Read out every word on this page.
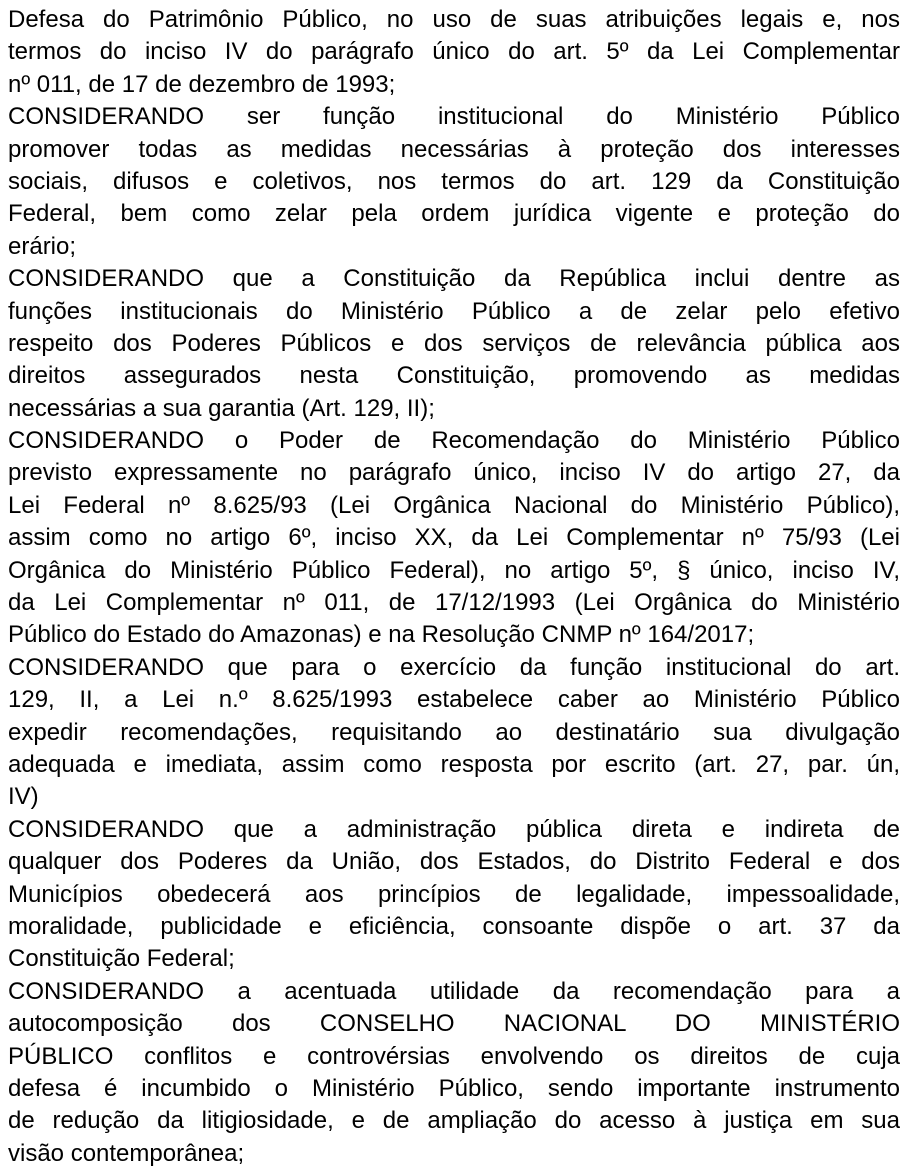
Defesa do Patrimônio Público, no uso de suas atribuições legais e, nos
termos do inciso IV do parágrafo único do art. 5º da Lei Complementar
nº 011, de 17 de dezembro de 1993;

CONSIDERANDO ser função institucional do Ministério Público
promover todas as medidas necessárias à proteção dos interesses
sociais, difusos e coletivos, nos termos do art. 129 da Constituição
Federal, bem como zelar pela ordem jurídica vigente e proteção do
erário;

CONSIDERANDO que a Constituição da República inclui dentre as
funções institucionais do Ministério Público a de zelar pelo efetivo
respeito dos Poderes Públicos e dos serviços de relevância pública aos
direitos assegurados nesta Constituição, promovendo as medidas
necessárias a sua garantia (Art. 129, II);

CONSIDERANDO o Poder de Recomendação do Ministério Público
previsto expressamente no parágrafo único, inciso IV do artigo 27, da
Lei Federal nº 8.625/93 (Lei Orgânica Nacional do Ministério Público),
assim como no artigo 6º, inciso XX, da Lei Complementar nº 75/93 (Lei
Orgânica do Ministério Público Federal), no artigo 5º, § único, inciso IV,
da Lei Complementar nº 011, de 17/12/1993 (Lei Orgânica do Ministério
Público do Estado do Amazonas) e na Resolução CNMP nº 164/2017;

CONSIDERANDO que para o exercício da função institucional do art.
129, II, a Lei n.º 8.625/1993 estabelece caber ao Ministério Público
expedir recomendações, requisitando ao destinatário sua divulgação
adequada e imediata, assim como resposta por escrito (art. 27, par. ún,
IV)

CONSIDERANDO que a administração pública direta e indireta de
qualquer dos Poderes da União, dos Estados, do Distrito Federal e dos
Municípios obedecerá aos princípios de legalidade, impessoalidade,
moralidade, publicidade e eficiência, consoante dispõe o art. 37 da
Constituição Federal;

CONSIDERANDO a acentuada utilidade da recomendação para a
autocomposição dos CONSELHO NACIONAL DO MINISTÉRIO
PÚBLICO conflitos e controvérsias envolvendo os direitos de cuja
defesa é incumbido o Ministério Público, sendo importante instrumento
de redução da litigiosidade, e de ampliação do acesso à justiça em sua
visão contemporânea;
